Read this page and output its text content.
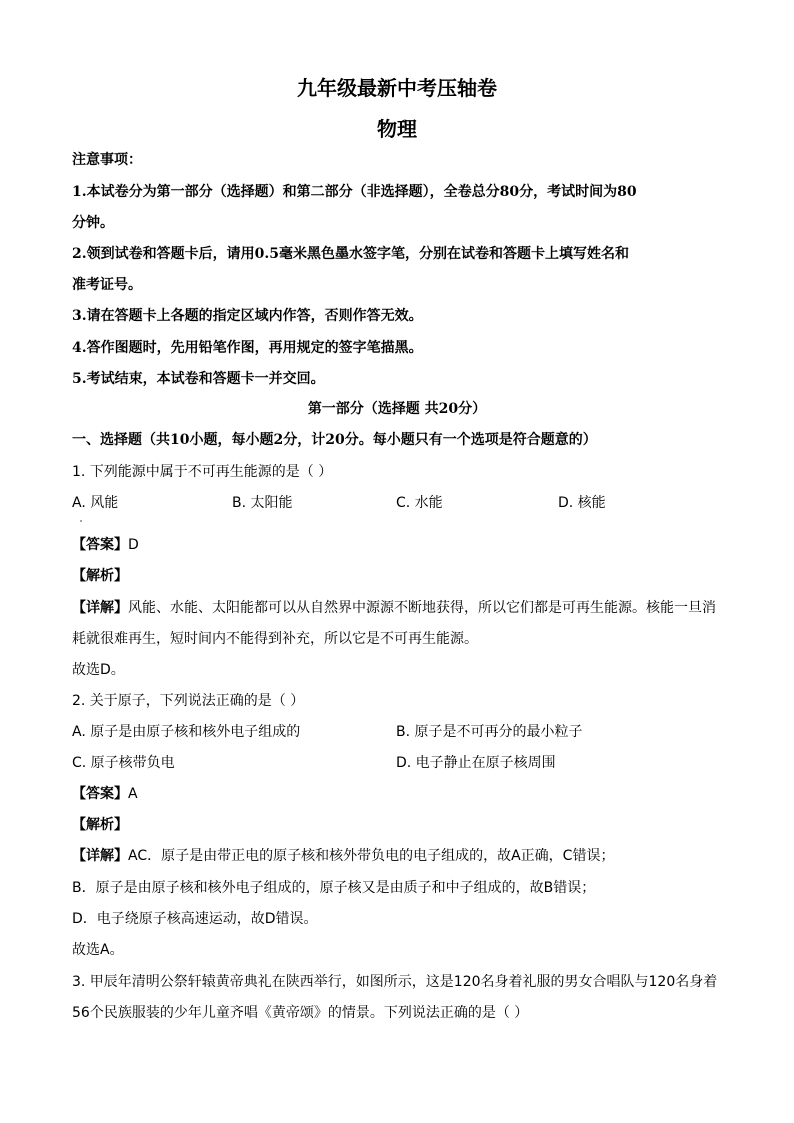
九年级最新中考压轴卷
物理
注意事项：
1.本试卷分为第一部分（选择题）和第二部分（非选择题），全卷总分80分，考试时间为80
分钟。
2.领到试卷和答题卡后，请用0.5毫米黑色墨水签字笔，分别在试卷和答题卡上填写姓名和
准考证号。
3.请在答题卡上各题的指定区域内作答，否则作答无效。
4.答作图题时，先用铅笔作图，再用规定的签字笔描黑。
5.考试结束，本试卷和答题卡一并交回。
第一部分（选择题 共20分）
一、选择题（共10小题，每小题2分，计20分。每小题只有一个选项是符合题意的）
1. 下列能源中属于不可再生能源的是（ ）
A. 风能	B. 太阳能	C. 水能	D. 核能
【答案】D
【解析】
【详解】风能、水能、太阳能都可以从自然界中源源不断地获得，所以它们都是可再生能源。核能一旦消
耗就很难再生，短时间内不能得到补充，所以它是不可再生能源。
故选D。
2. 关于原子，下列说法正确的是（ ）
A. 原子是由原子核和核外电子组成的	B. 原子是不可再分的最小粒子
C. 原子核带负电	D. 电子静止在原子核周围
【答案】A
【解析】
【详解】AC．原子是由带正电的原子核和核外带负电的电子组成的，故A正确，C错误；
B．原子是由原子核和核外电子组成的，原子核又是由质子和中子组成的，故B错误；
D．电子绕原子核高速运动，故D错误。
故选A。
3. 甲辰年清明公祭轩辕黄帝典礼在陕西举行，如图所示，这是120名身着礼服的男女合唱队与120名身着
56个民族服装的少年儿童齐唱《黄帝颂》的情景。下列说法正确的是（ ）
